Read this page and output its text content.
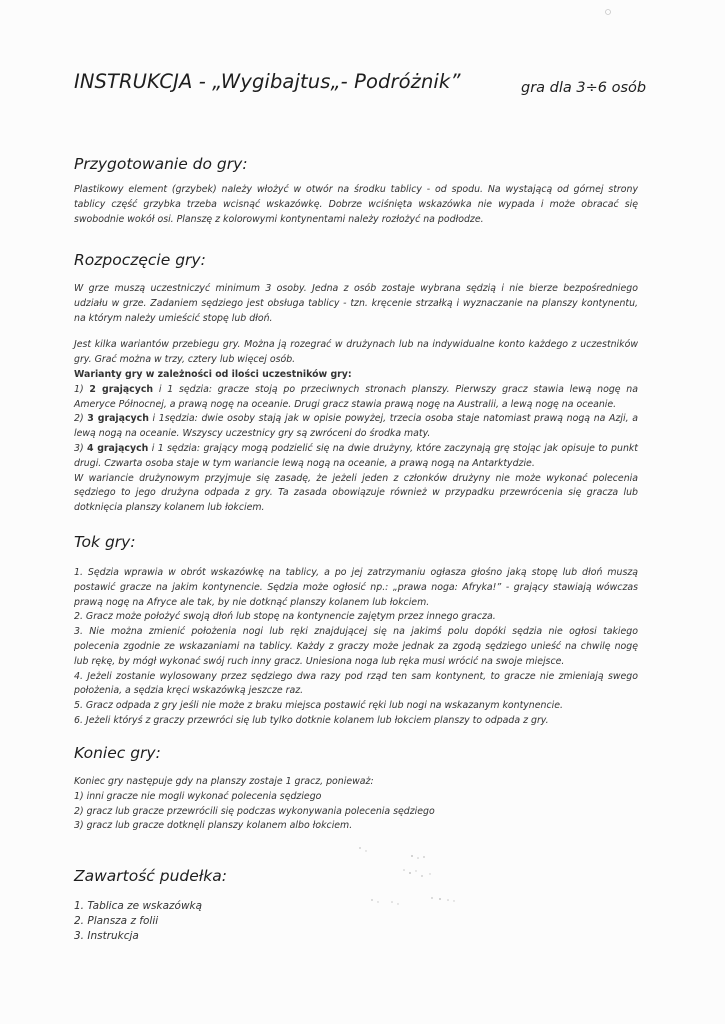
INSTRUKCJA - „Wygibajtus„- Podróżnik”	gra dla 3÷6 osób
Przygotowanie do gry:

Plastikowy element (grzybek) należy włożyć w otwór na środku tablicy - od spodu. Na wystającą od górnej strony
tablicy część grzybka trzeba wcisnąć wskazówkę. Dobrze wciśnięta wskazówka nie wypada i może obracać się
swobodnie wokół osi. Planszę z kolorowymi kontynentami należy rozłożyć na podłodze.

Rozpoczęcie gry:

W grze muszą uczestniczyć minimum 3 osoby. Jedna z osób zostaje wybrana sędzią i nie bierze bezpośredniego
udziału w grze. Zadaniem sędziego jest obsługa tablicy - tzn. kręcenie strzałką i wyznaczanie na planszy kontynentu,
na którym należy umieścić stopę lub dłoń.

Jest kilka wariantów przebiegu gry. Można ją rozegrać w drużynach lub na indywidualne konto każdego z uczestników
gry. Grać można w trzy, cztery lub więcej osób.
Warianty gry w zależności od ilości uczestników gry:
1) 2 grających i 1 sędzia: gracze stoją po przeciwnych stronach planszy. Pierwszy gracz stawia lewą nogę na
Ameryce Północnej, a prawą nogę na oceanie. Drugi gracz stawia prawą nogę na Australii, a lewą nogę na oceanie.
2) 3 grających i 1sędzia: dwie osoby stają jak w opisie powyżej, trzecia osoba staje natomiast prawą nogą na Azji, a
lewą nogą na oceanie. Wszyscy uczestnicy gry są zwróceni do środka maty.
3) 4 grających i 1 sędzia: grający mogą podzielić się na dwie drużyny, które zaczynają grę stojąc jak opisuje to punkt
drugi. Czwarta osoba staje w tym wariancie lewą nogą na oceanie, a prawą nogą na Antarktydzie.
W wariancie drużynowym przyjmuje się zasadę, że jeżeli jeden z członków drużyny nie może wykonać polecenia
sędziego to jego drużyna odpada z gry. Ta zasada obowiązuje również w przypadku przewrócenia się gracza lub
dotknięcia planszy kolanem lub łokciem.

Tok gry:

1. Sędzia wprawia w obrót wskazówkę na tablicy, a po jej zatrzymaniu ogłasza głośno jaką stopę lub dłoń muszą
postawić gracze na jakim kontynencie. Sędzia może ogłosić np.: „prawa noga: Afryka!” - grający stawiają wówczas
prawą nogę na Afryce ale tak, by nie dotknąć planszy kolanem lub łokciem.
2. Gracz może położyć swoją dłoń lub stopę na kontynencie zajętym przez innego gracza.
3. Nie można zmienić położenia nogi lub ręki znajdującej się na jakimś polu dopóki sędzia nie ogłosi takiego
polecenia zgodnie ze wskazaniami na tablicy. Każdy z graczy może jednak za zgodą sędziego unieść na chwilę nogę
lub rękę, by mógł wykonać swój ruch inny gracz. Uniesiona noga lub ręka musi wrócić na swoje miejsce.
4. Jeżeli zostanie wylosowany przez sędziego dwa razy pod rząd ten sam kontynent, to gracze nie zmieniają swego
położenia, a sędzia kręci wskazówką jeszcze raz.
5. Gracz odpada z gry jeśli nie może z braku miejsca postawić ręki lub nogi na wskazanym kontynencie.
6. Jeżeli któryś z graczy przewróci się lub tylko dotknie kolanem lub łokciem planszy to odpada z gry.

Koniec gry:
Koniec gry następuje gdy na planszy zostaje 1 gracz, ponieważ:
1) inni gracze nie mogli wykonać polecenia sędziego
2) gracz lub gracze przewrócili się podczas wykonywania polecenia sędziego
3) gracz lub gracze dotknęli planszy kolanem albo łokciem.
Zawartość pudełka:
1. Tablica ze wskazówką
2. Plansza z folii
3. Instrukcja
